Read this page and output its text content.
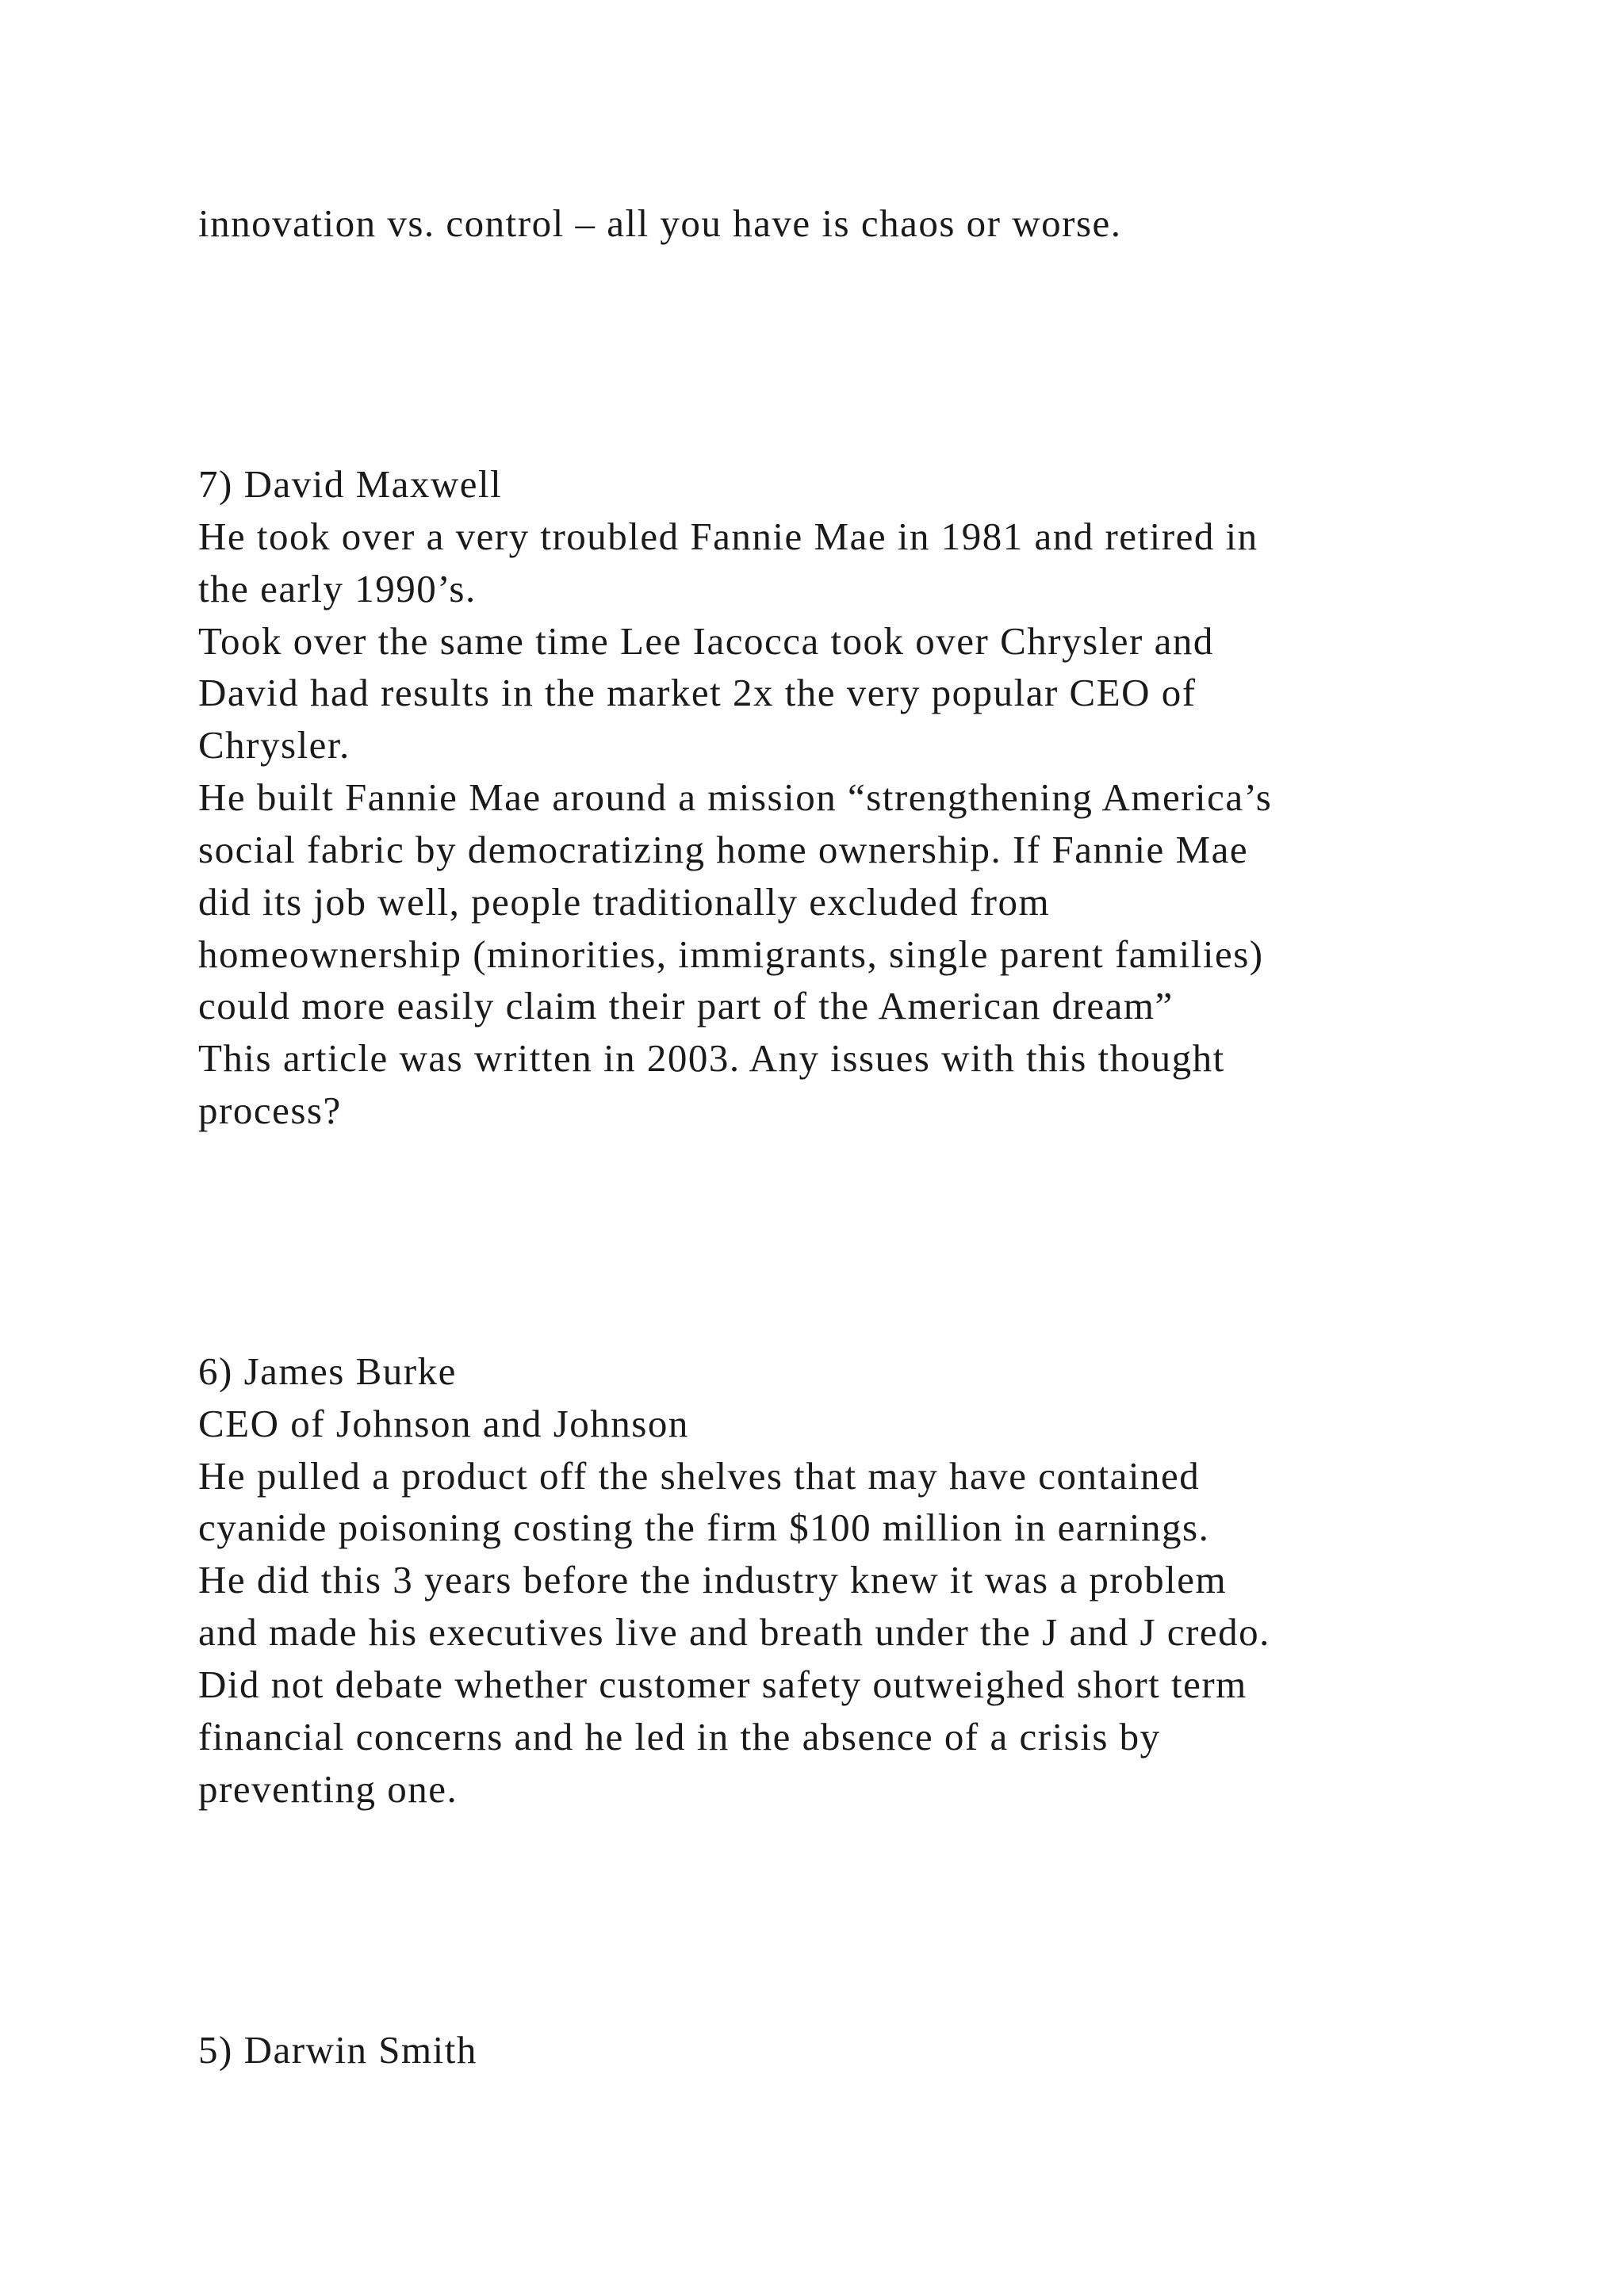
innovation vs. control – all you have is chaos or worse.

7) David Maxwell

He took over a very troubled Fannie Mae in 1981 and retired in

the early 1990’s.

Took over the same time Lee Iacocca took over Chrysler and

David had results in the market 2x the very popular CEO of

Chrysler.

He built Fannie Mae around a mission “strengthening America’s

social fabric by democratizing home ownership. If Fannie Mae

did its job well, people traditionally excluded from

homeownership (minorities, immigrants, single parent families)

could more easily claim their part of the American dream”

This article was written in 2003. Any issues with this thought

process?

6) James Burke

CEO of Johnson and Johnson

He pulled a product off the shelves that may have contained

cyanide poisoning costing the firm $100 million in earnings.

He did this 3 years before the industry knew it was a problem

and made his executives live and breath under the J and J credo.

Did not debate whether customer safety outweighed short term

financial concerns and he led in the absence of a crisis by

preventing one.

5) Darwin Smith
